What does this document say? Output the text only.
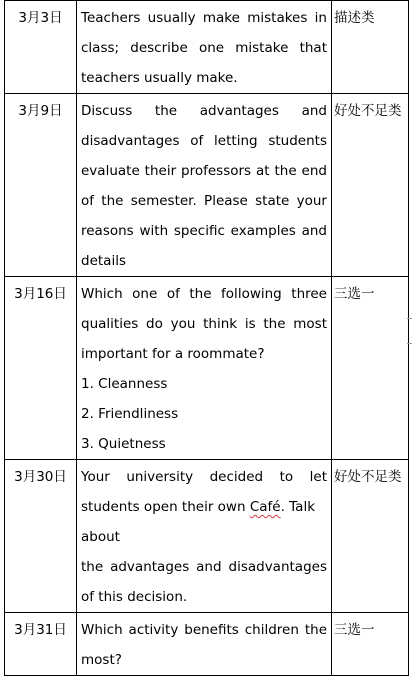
3月3日	Teachers usually make mistakes in class; describe one mistake that teachers usually make.	描述类

3月9日	Discuss the advantages and disadvantages of letting students evaluate their professors at the end of the semester. Please state your reasons with specific examples and details	好处不足类

3月16日	Which one of the following three qualities do you think is the most important for a roommate?
1. Cleanness
2. Friendliness
3. Quietness	三选一

3月30日	Your university decided to let students open their own Café. Talk
about
the advantages and disadvantages of this decision.	好处不足类

3月31日	Which activity benefits children the most?	三选一
